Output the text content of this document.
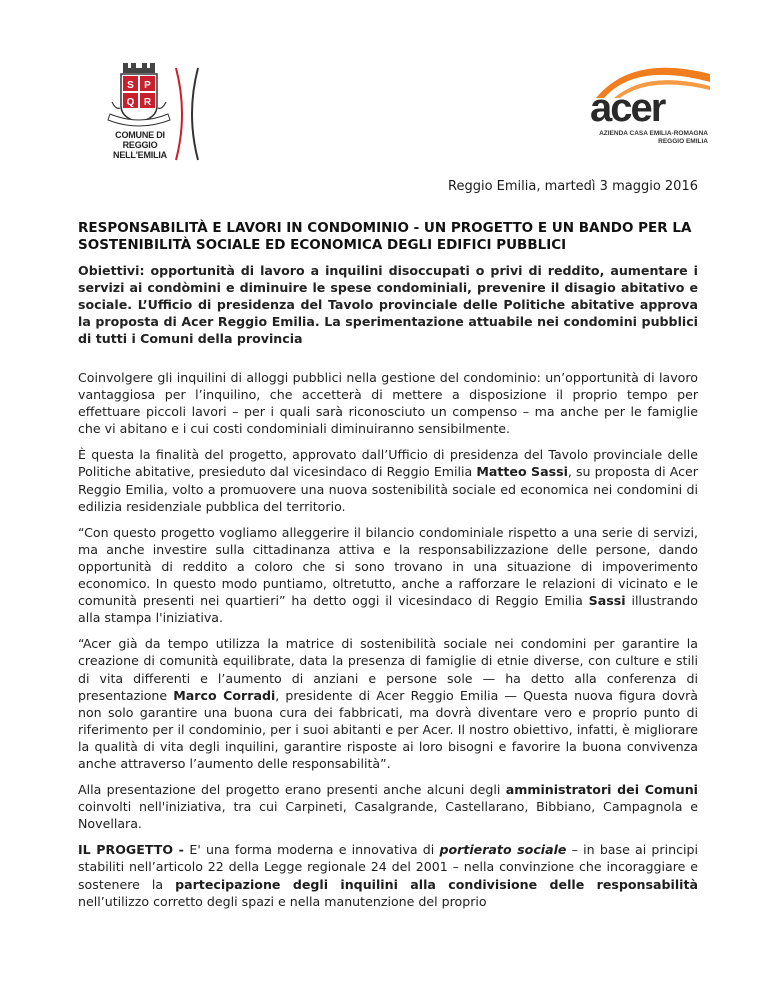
S P
Q R
COMUNE DI
REGGIO NELL'EMILIA
acer
AZIENDA CASA EMILIA-ROMAGNA
REGGIO EMILIA
Reggio Emilia, martedì 3 maggio 2016
RESPONSABILITÀ E LAVORI IN CONDOMINIO - UN PROGETTO E UN BANDO PER LA SOSTENIBILITÀ SOCIALE ED ECONOMICA DEGLI EDIFICI PUBBLICI
Obiettivi: opportunità di lavoro a inquilini disoccupati o privi di reddito, aumentare i servizi ai condòmini e diminuire le spese condominiali, prevenire il disagio abitativo e sociale. L’Ufficio di presidenza del Tavolo provinciale delle Politiche abitative approva la proposta di Acer Reggio Emilia. La sperimentazione attuabile nei condomini pubblici di tutti i Comuni della provincia

Coinvolgere gli inquilini di alloggi pubblici nella gestione del condominio: un’opportunità di lavoro vantaggiosa per l’inquilino, che accetterà di mettere a disposizione il proprio tempo per effettuare piccoli lavori – per i quali sarà riconosciuto un compenso – ma anche per le famiglie che vi abitano e i cui costi condominiali diminuiranno sensibilmente.

È questa la finalità del progetto, approvato dall’Ufficio di presidenza del Tavolo provinciale delle Politiche abitative, presieduto dal vicesindaco di Reggio Emilia Matteo Sassi, su proposta di Acer Reggio Emilia, volto a promuovere una nuova sostenibilità sociale ed economica nei condomini di edilizia residenziale pubblica del territorio.

“Con questo progetto vogliamo alleggerire il bilancio condominiale rispetto a una serie di servizi, ma anche investire sulla cittadinanza attiva e la responsabilizzazione delle persone, dando opportunità di reddito a coloro che si sono trovano in una situazione di impoverimento economico. In questo modo puntiamo, oltretutto, anche a rafforzare le relazioni di vicinato e le comunità presenti nei quartieri” ha detto oggi il vicesindaco di Reggio Emilia Sassi illustrando alla stampa l'iniziativa.

“Acer già da tempo utilizza la matrice di sostenibilità sociale nei condomini per garantire la creazione di comunità equilibrate, data la presenza di famiglie di etnie diverse, con culture e stili di vita differenti e l’aumento di anziani e persone sole — ha detto alla conferenza di presentazione Marco Corradi, presidente di Acer Reggio Emilia — Questa nuova figura dovrà non solo garantire una buona cura dei fabbricati, ma dovrà diventare vero e proprio punto di riferimento per il condominio, per i suoi abitanti e per Acer. Il nostro obiettivo, infatti, è migliorare la qualità di vita degli inquilini, garantire risposte ai loro bisogni e favorire la buona convivenza anche attraverso l’aumento delle responsabilità”.

Alla presentazione del progetto erano presenti anche alcuni degli amministratori dei Comuni coinvolti nell'iniziativa, tra cui Carpineti, Casalgrande, Castellarano, Bibbiano, Campagnola e Novellara.

IL PROGETTO - E' una forma moderna e innovativa di portierato sociale – in base ai principi stabiliti nell’articolo 22 della Legge regionale 24 del 2001 – nella convinzione che incoraggiare e sostenere la partecipazione degli inquilini alla condivisione delle responsabilità nell’utilizzo corretto degli spazi e nella manutenzione del proprio
